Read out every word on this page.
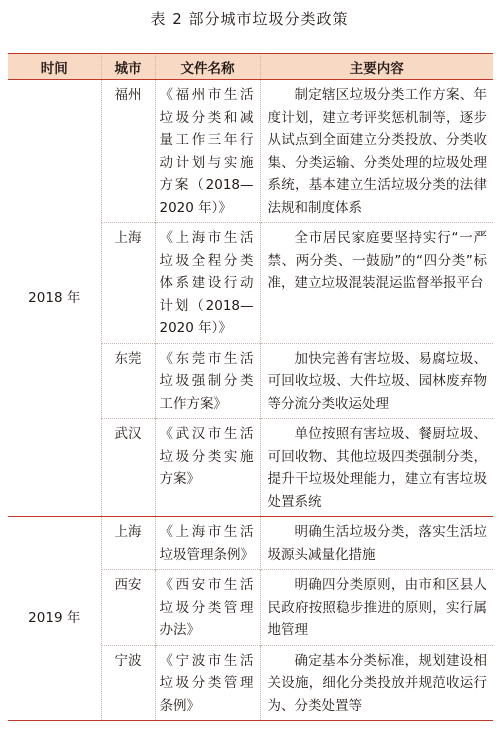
表 2 部分城市垃圾分类政策
时间	城市	文件名称	主要内容
2018 年	福州	《福州市生活垃圾分类和减量工作三年行动计划与实施方案（2018—2020 年）》	制定辖区垃圾分类工作方案、年度计划，建立考评奖惩机制等，逐步从试点到全面建立分类投放、分类收集、分类运输、分类处理的垃圾处理系统，基本建立生活垃圾分类的法律法规和制度体系
	上海	《上海市生活垃圾全程分类体系建设行动计划（2018—2020 年）》	全市居民家庭要坚持实行“一严禁、两分类、一鼓励”的“四分类”标准，建立垃圾混装混运监督举报平台
	东莞	《东莞市生活垃圾强制分类工作方案》	加快完善有害垃圾、易腐垃圾、可回收垃圾、大件垃圾、园林废弃物等分流分类收运处理
	武汉	《武汉市生活垃圾分类实施方案》	单位按照有害垃圾、餐厨垃圾、可回收物、其他垃圾四类强制分类，提升干垃圾处理能力，建立有害垃圾处置系统
2019 年	上海	《上海市生活垃圾管理条例》	明确生活垃圾分类，落实生活垃圾源头减量化措施
	西安	《西安市生活垃圾分类管理办法》	明确四分类原则，由市和区县人民政府按照稳步推进的原则，实行属地管理
	宁波	《宁波市生活垃圾分类管理条例》	确定基本分类标准，规划建设相关设施，细化分类投放并规范收运行为、分类处置等
